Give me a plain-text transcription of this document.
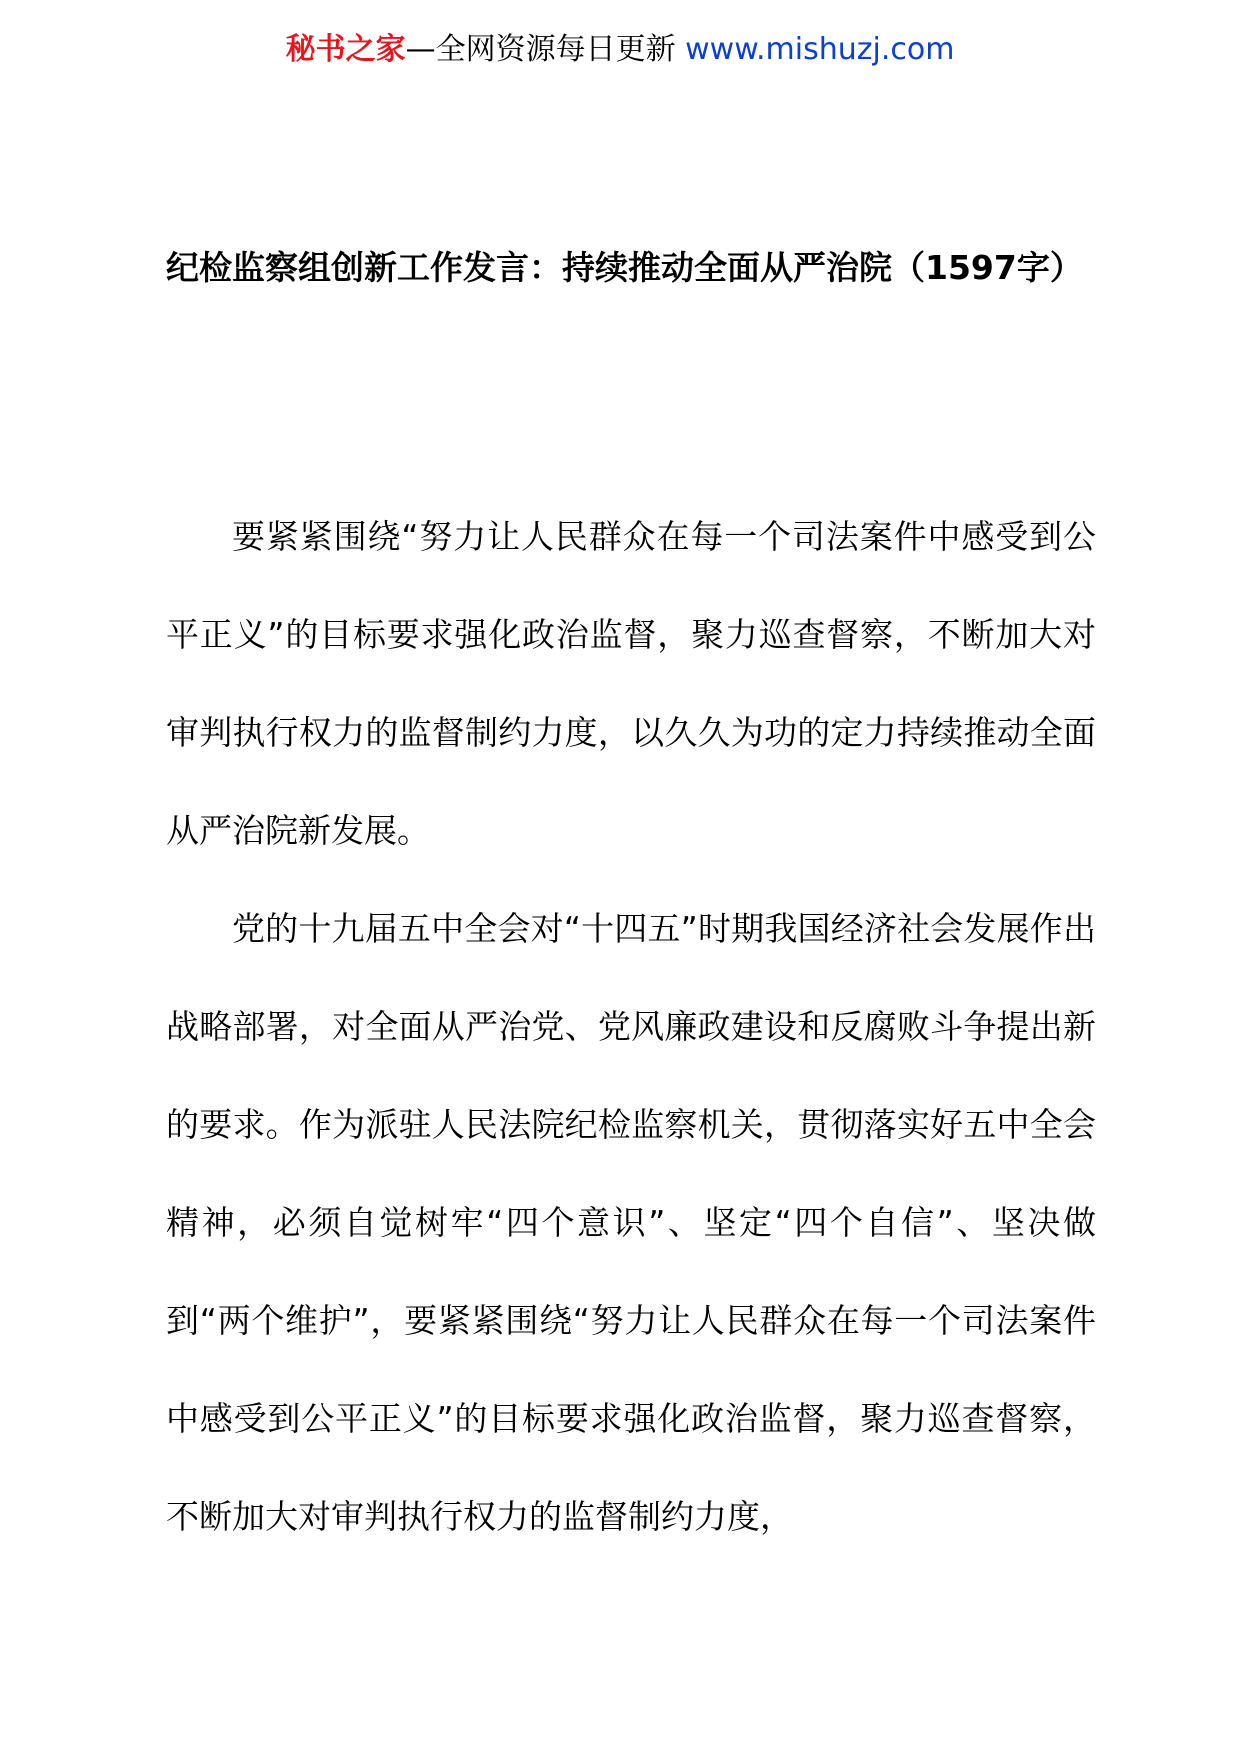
秘书之家—全网资源每日更新 www.mishuzj.com
纪检监察组创新工作发言：持续推动全面从严治院（1597字）

要紧紧围绕“努力让人民群众在每一个司法案件中感受到公平正义”的目标要求强化政治监督，聚力巡查督察，不断加大对审判执行权力的监督制约力度，以久久为功的定力持续推动全面从严治院新发展。

党的十九届五中全会对“十四五”时期我国经济社会发展作出战略部署，对全面从严治党、党风廉政建设和反腐败斗争提出新的要求。作为派驻人民法院纪检监察机关，贯彻落实好五中全会精神，必须自觉树牢“四个意识”、坚定“四个自信”、坚决做到“两个维护”，要紧紧围绕“努力让人民群众在每一个司法案件中感受到公平正义”的目标要求强化政治监督，聚力巡查督察，不断加大对审判执行权力的监督制约力度，
